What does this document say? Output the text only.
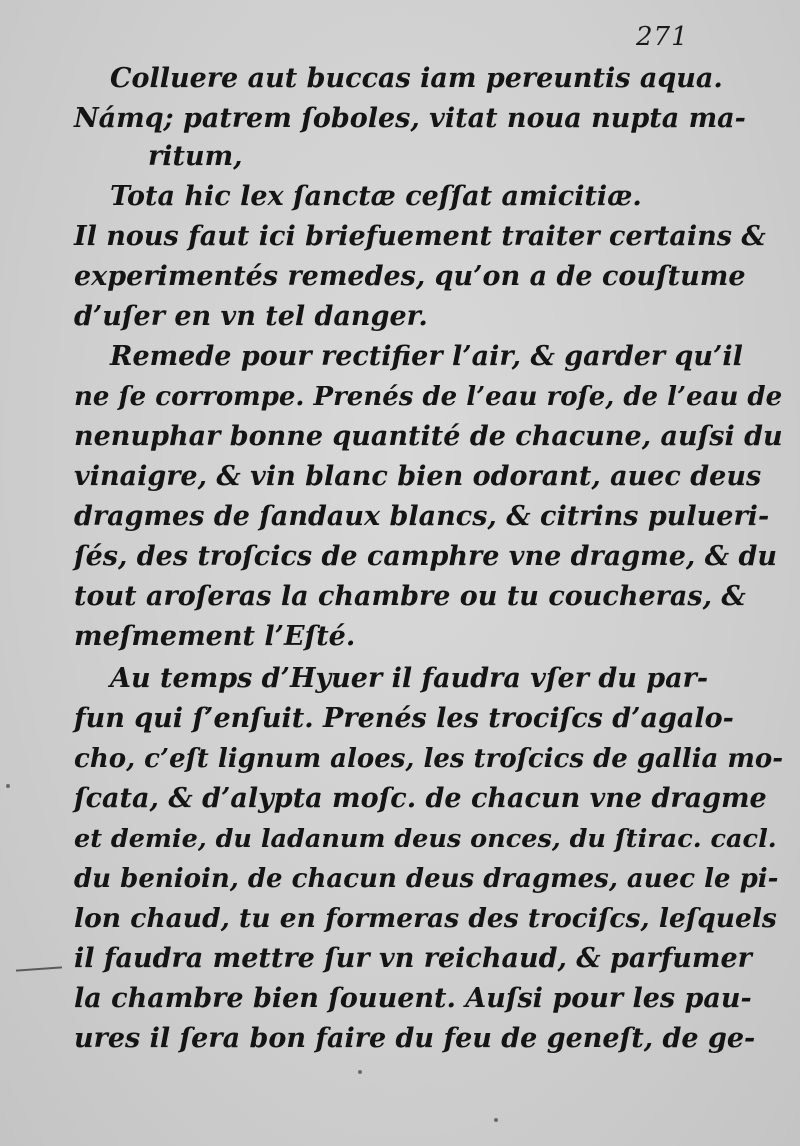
271
Colluere aut buccas iam pereuntis aqua.
Námq; patrem ſoboles, vitat noua nupta ma-
ritum,
Tota hic lex ſanctæ ceſſat amicitiæ.
Il nous faut ici briefuement traiter certains &
experimentés remedes, qu’on a de couſtume
d’uſer en vn tel danger.
Remede pour rectifier l’air, & garder qu’il
ne ſe corrompe. Prenés de l’eau roſe, de l’eau de
nenuphar bonne quantité de chacune, auſsi du
vinaigre, & vin blanc bien odorant, auec deus
dragmes de ſandaux blancs, & citrins pulueri-
ſés, des troſcics de camphre vne dragme, & du
tout aroſeras la chambre ou tu coucheras, &
meſmement l’Eſté.
Au temps d’Hyuer il faudra vſer du par-
fun qui ſ’enſuit. Prenés les trociſcs d’agalo-
cho, c’eſt lignum aloes, les troſcics de gallia mo-
ſcata, & d’alypta moſc. de chacun vne dragme
et demie, du ladanum deus onces, du ſtirac. cacl.
du benioin, de chacun deus dragmes, auec le pi-
lon chaud, tu en formeras des trociſcs, leſquels
il faudra mettre ſur vn reichaud, & parfumer
la chambre bien ſouuent. Auſsi pour les pau-
ures il ſera bon faire du feu de geneſt, de ge-
